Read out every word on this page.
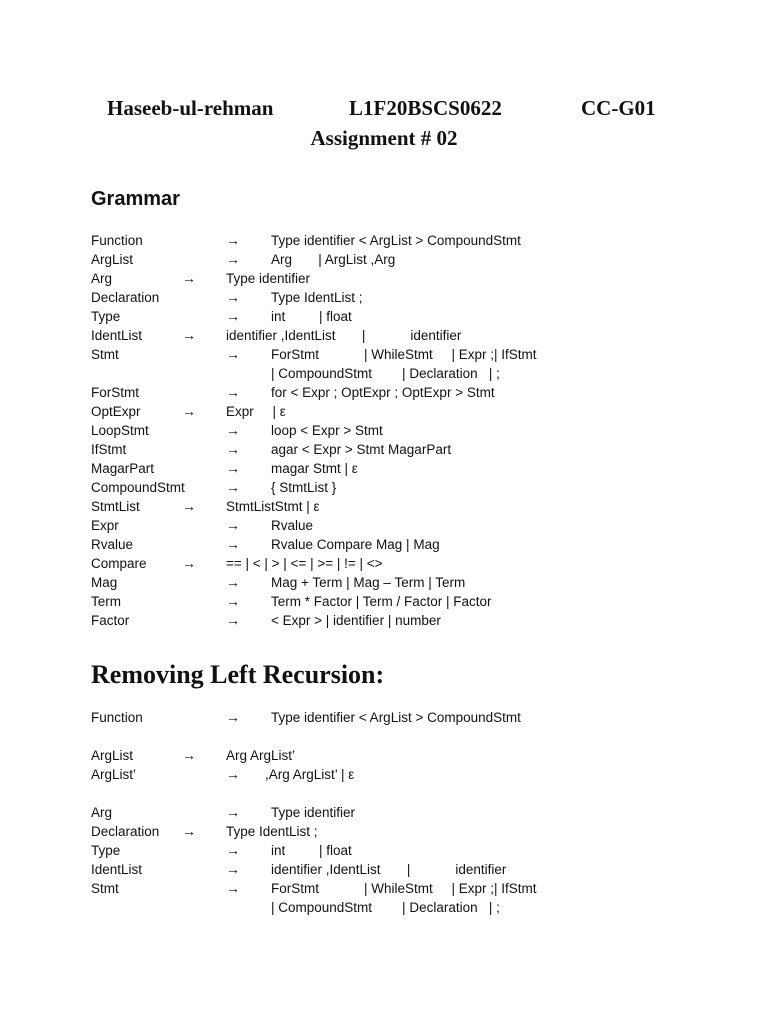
Haseeb-ul-rehman	L1F20BSCS0622	CC-G01
Assignment # 02
Grammar
Function	→ Type identifier < ArgList > CompoundStmt
ArgList	→ Arg       | ArgList ,Arg
Arg	→ Type identifier
Declaration	→ Type IdentList ;
Type	→ int         | float
IdentList	→ identifier ,IdentList       |            identifier
Stmt	→ ForStmt            | WhileStmt     | Expr ;| IfStmt
| CompoundStmt        | Declaration   | ;
ForStmt	→ for < Expr ; OptExpr ; OptExpr > Stmt
OptExpr	→ Expr     | ε
LoopStmt	→ loop < Expr > Stmt
IfStmt	→ agar < Expr > Stmt MagarPart
MagarPart	→ magar Stmt | ε
CompoundStmt	→ { StmtList }
StmtList	→ StmtListStmt | ε
Expr	→ Rvalue
Rvalue	→ Rvalue Compare Mag | Mag
Compare	→ == | < | > | <= | >= | != | <>
Mag	→ Mag + Term | Mag – Term | Term
Term	→ Term * Factor | Term / Factor | Factor
Factor	→ < Expr > | identifier | number
Removing Left Recursion:
Function	→ Type identifier < ArgList > CompoundStmt
ArgList	→ Arg ArgList’
ArgList’	→ ,Arg ArgList’ | ε
Arg	→ Type identifier
Declaration → Type IdentList ;
Type	→ int         | float
IdentList	→ identifier ,IdentList       |            identifier
Stmt	→ ForStmt            | WhileStmt     | Expr ;| IfStmt
| CompoundStmt        | Declaration   | ;
